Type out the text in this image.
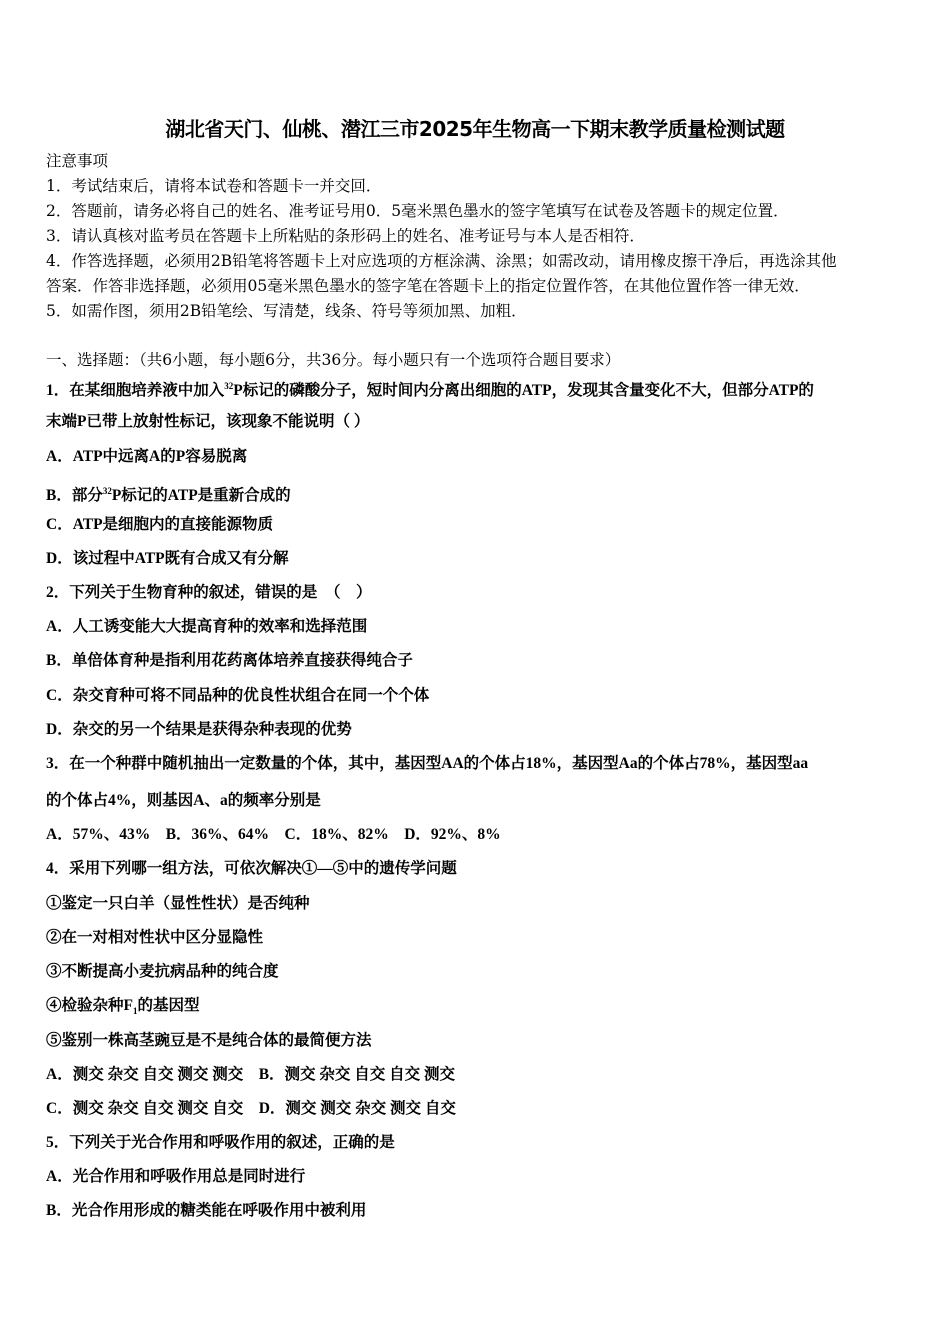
湖北省天门、仙桃、潜江三市2025年生物高一下期末教学质量检测试题
注意事项
1．考试结束后，请将本试卷和答题卡一并交回．
2．答题前，请务必将自己的姓名、准考证号用0．5毫米黑色墨水的签字笔填写在试卷及答题卡的规定位置．
3．请认真核对监考员在答题卡上所粘贴的条形码上的姓名、准考证号与本人是否相符．
4．作答选择题，必须用2B铅笔将答题卡上对应选项的方框涂满、涂黑；如需改动，请用橡皮擦干净后，再选涂其他
答案．作答非选择题，必须用05毫米黑色墨水的签字笔在答题卡上的指定位置作答，在其他位置作答一律无效．
5．如需作图，须用2B铅笔绘、写清楚，线条、符号等须加黑、加粗．
一、选择题：（共6小题，每小题6分，共36分。每小题只有一个选项符合题目要求）
1．在某细胞培养液中加入$^{32}$P标记的磷酸分子，短时间内分离出细胞的ATP，发现其含量变化不大，但部分ATP的
末端P已带上放射性标记，该现象不能说明（ ）
A．ATP中远离A的P容易脱离
B．部分$^{32}$P标记的ATP是重新合成的
C．ATP是细胞内的直接能源物质
D．该过程中ATP既有合成又有分解
2．下列关于生物育种的叙述，错误的是　（　）
A．人工诱变能大大提高育种的效率和选择范围
B．单倍体育种是指利用花药离体培养直接获得纯合子
C．杂交育种可将不同品种的优良性状组合在同一个个体
D．杂交的另一个结果是获得杂种表现的优势
3．在一个种群中随机抽出一定数量的个体，其中，基因型AA的个体占18%，基因型Aa的个体占78%，基因型aa
的个体占4%，则基因A、a的频率分别是
A．57%、43%　B．36%、64%　C．18%、82%　D．92%、8%
4．采用下列哪一组方法，可依次解决①—⑤中的遗传学问题
①鉴定一只白羊（显性性状）是否纯种
②在一对相对性状中区分显隐性
③不断提高小麦抗病品种的纯合度
④检验杂种$F_1$的基因型
⑤鉴别一株高茎豌豆是不是纯合体的最简便方法
A．测交 杂交 自交 测交 测交　B．测交 杂交 自交 自交 测交
C．测交 杂交 自交 测交 自交　D．测交 测交 杂交 测交 自交
5．下列关于光合作用和呼吸作用的叙述，正确的是
A．光合作用和呼吸作用总是同时进行
B．光合作用形成的糖类能在呼吸作用中被利用
